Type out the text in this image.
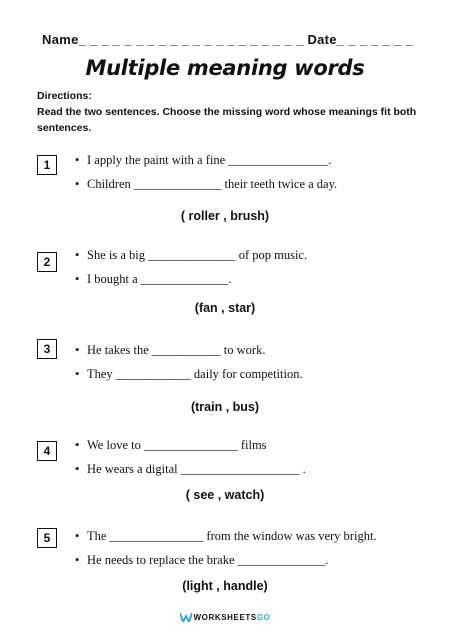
Name_ _ _ _ _ _ _ _ _ _ _ _ _ _ _ _ _ _ _ _ Date_ _ _ _ _ _ _
Multiple meaning words
Directions:
Read the two sentences. Choose the missing word whose meanings fit both sentences.
1	• I apply the paint with a fine ________________.
• Children ______________ their teeth twice a day.
( roller , brush)
2	• She is a big ______________ of pop music.
• I bought a ______________.
(fan , star)
3	• He takes the ___________ to work.
• They ____________ daily for competition.
(train , bus)
4	• We love to _______________ films
• He wears a digital ___________________ .
( see , watch)
5	• The _______________ from the window was very bright.
• He needs to replace the brake ______________.
(light , handle)
WORKSHEETSGO
